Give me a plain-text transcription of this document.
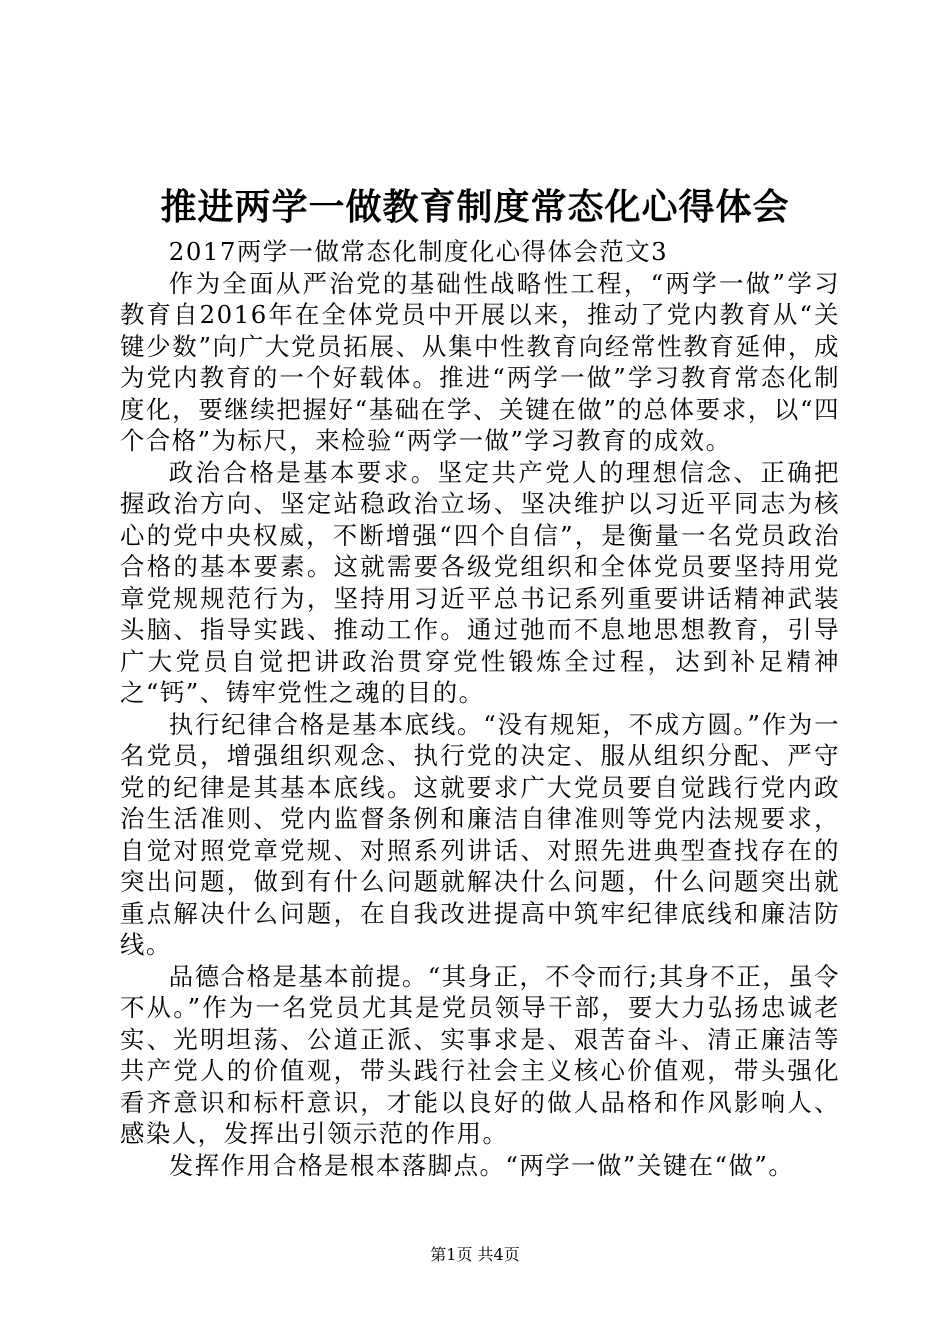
推进两学一做教育制度常态化心得体会

2017两学一做常态化制度化心得体会范文3

作为全面从严治党的基础性战略性工程，“两学一做”学习教育自2016年在全体党员中开展以来，推动了党内教育从“关键少数”向广大党员拓展、从集中性教育向经常性教育延伸，成为党内教育的一个好载体。推进“两学一做”学习教育常态化制度化，要继续把握好“基础在学、关键在做”的总体要求，以“四个合格”为标尺，来检验“两学一做”学习教育的成效。

政治合格是基本要求。坚定共产党人的理想信念、正确把握政治方向、坚定站稳政治立场、坚决维护以习近平同志为核心的党中央权威，不断增强“四个自信”，是衡量一名党员政治合格的基本要素。这就需要各级党组织和全体党员要坚持用党章党规规范行为，坚持用习近平总书记系列重要讲话精神武装头脑、指导实践、推动工作。通过弛而不息地思想教育，引导广大党员自觉把讲政治贯穿党性锻炼全过程，达到补足精神之“钙”、铸牢党性之魂的目的。

执行纪律合格是基本底线。“没有规矩，不成方圆。”作为一名党员，增强组织观念、执行党的决定、服从组织分配、严守党的纪律是其基本底线。这就要求广大党员要自觉践行党内政治生活准则、党内监督条例和廉洁自律准则等党内法规要求，自觉对照党章党规、对照系列讲话、对照先进典型查找存在的突出问题，做到有什么问题就解决什么问题，什么问题突出就重点解决什么问题，在自我改进提高中筑牢纪律底线和廉洁防线。

品德合格是基本前提。“其身正，不令而行;其身不正，虽令不从。”作为一名党员尤其是党员领导干部，要大力弘扬忠诚老实、光明坦荡、公道正派、实事求是、艰苦奋斗、清正廉洁等共产党人的价值观，带头践行社会主义核心价值观，带头强化看齐意识和标杆意识，才能以良好的做人品格和作风影响人、感染人，发挥出引领示范的作用。

发挥作用合格是根本落脚点。“两学一做”关键在“做”。

第1页 共4页
